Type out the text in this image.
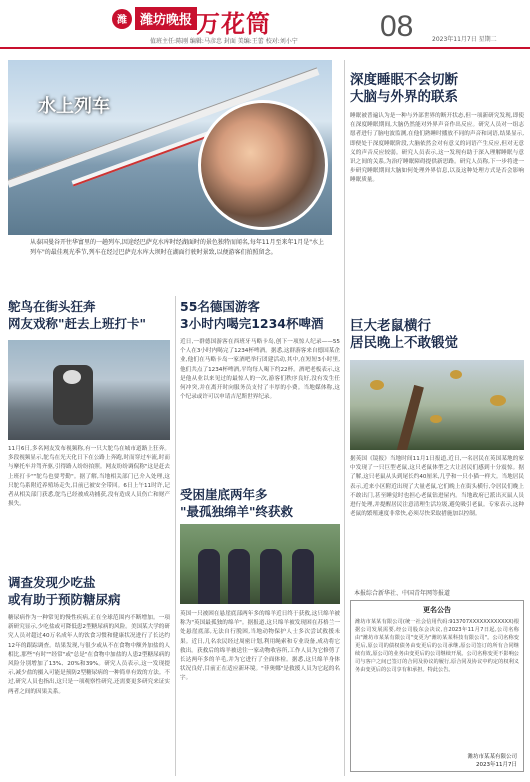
潍	潍坊晚报 万花筒	08
值班主任:陈刚 编辑:马彦忠 封面 美编:王蕾 校对:刘小宁	2023年11月7日 星期二
水上列车
从泰国曼谷开往华富里的一趟列车,因途经巴萨克水库时经湖面时的景色独特而闻名,每年11月至来年1月是"水上列车"的最佳观光季节,列车在经过巴萨克水库大坝时在湖面行驶时景致,以便游客们拍照留念。
深度睡眠不会切断
大脑与外界的联系
睡眠被普遍认为是一种与外部世界的断开状态,但一项新研究发现,即使在深度睡眠期间,大脑仍然能对外界声音作出反应。研究人员对一组志愿者进行了脑电波监测,在他们熟睡时播放不同的声音和词语,结果显示,即便处于深度睡眠阶段,大脑依然会对有意义的词语产生反应,但对无意义的声音反应较弱。研究人员表示,这一发现有助于深入理解睡眠与意识之间的关系,为治疗睡眠障碍提供新思路。研究人员称,下一步将进一步研究睡眠期间大脑如何处理外界信息,以及这种处理方式是否会影响睡眠质量。
巨大老鼠横行
居民晚上不敢锻觉
据英国《镜报》当地时间11月1日报道,近日,一名居民在英国某地的家中发现了一只巨型老鼠,这只老鼠体型之大让居民们感到十分震惊。据了解,这只老鼠从头到尾长约40厘米,几乎和一只小猫一样大。当地居民表示,近来小区附近出现了大量老鼠,它们晚上在街头横行,令居民们晚上不敢出门,甚至睡觉时也担心老鼠钻进屋内。当地政府已派出灭鼠人员进行处理,并提醒居民注意清理生活垃圾,避免吸引老鼠。专家表示,这种老鼠的繁殖速度非常快,必须尽快采取措施加以控制。
本报综合新华社、中国青年网等报道
更名公告
潍坊市某某有限公司(统一社会信用代码:913707XXXXXXXXXXXX)根据公司发展需要,经公司股东会决议,自2023年11月7日起,公司名称由"潍坊市某某有限公司"变更为"潍坊某某科技有限公司"。公司名称变更后,原公司的债权债务由变更后的公司承继,原公司签订的所有合同继续有效,原公司的业务由变更后的公司继续开展。公司名称变更不影响公司与客户之间已签订的合同及协议的履行,原合同及协议中约定的权利义务由变更后的公司享有和承担。特此公告。
潍坊市某某有限公司
2023年11月7日
鸵鸟在街头狂奔
网友戏称"赶去上班打卡"
11月6日,多名网友发布视频称,有一只大鸵鸟在城市道路上狂奔。多段视频显示,鸵鸟在光天化日下在公路上奔跑,时而穿过车流,时而与摩托车并驾齐驱,引得路人纷纷拍照。网友纷纷调侃称"这是赶去上班打卡""鸵鸟也要考勤"。据了解,当地相关部门已介入处理,这只鸵鸟系附近养殖场走失,目前已被安全带回。6日上午11时许,记者从相关部门获悉,鸵鸟已经被成功捕获,没有造成人员伤亡和财产损失。
调查发现少吃盐
或有助于预防糖尿病
糖尿病作为一种常见的慢性疾病,正在全球范围内不断增加。一项新研究显示,少吃盐或可降低患2型糖尿病的风险。美国某大学的研究人员对超过40万名成年人的饮食习惯和健康状况进行了长达约12年的跟踪调查。结果发现,与很少或从不在食物中额外加盐的人相比,那些"有时""经常"或"总是"在食物中加盐的人患2型糖尿病的风险分别增加了13%、20%和39%。研究人员表示,这一发现提示,减少盐的摄入可能是预防2型糖尿病的一种简单有效的方法。不过,研究人员也指出,这只是一项观察性研究,还需要更多研究来证实两者之间的因果关系。
55名德国游客
3小时内喝完1234杯啤酒
近日,一群德国游客在西班牙马略卡岛,创下一项惊人纪录——55个人在3小时内喝完了1234杯啤酒。据悉,这群游客来自德国某企业,他们在马略卡岛一家酒吧举行团建活动,其中,在短短3小时里,他们共点了1234杯啤酒,平均每人喝下约22杯。酒吧老板表示,这是他从业以来见过的最惊人的一次,游客们秩序良好,没有发生任何冲突,并在离开时向服务员支付了丰厚的小费。当地媒体称,这个纪录或许可以申请吉尼斯世界纪录。
受困崖底两年多
"最孤独绵羊"终获救
英国一只被困在悬崖底部两年多的绵羊近日终于获救,这只绵羊被称为"英国最孤独的绵羊"。据报道,这只绵羊被发现困在苏格兰一处悬崖底部,无法自行脱困,当地动物保护人士多次尝试救援未果。近日,几名农民经过周密计划,利用绳索和专业设备,成功将它救出。获救后的绵羊被送往一家动物收容所,工作人员为它修剪了长达两年多的羊毛,并为它进行了全面体检。据悉,这只绵羊身体状况良好,目前正在适应新环境。"菲奥娜"是救援人员为它起的名字。
